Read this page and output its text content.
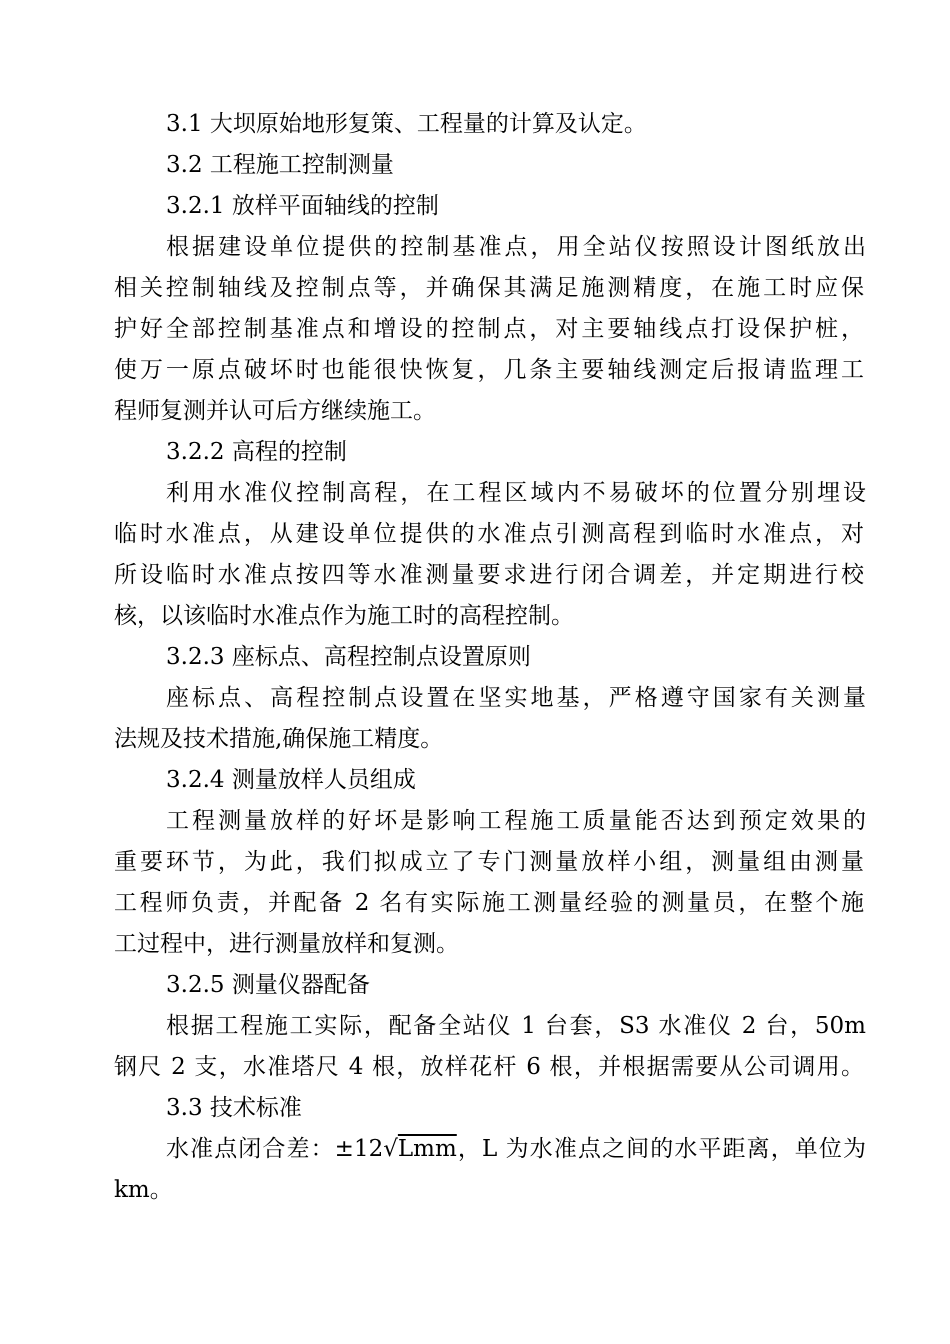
3.1 大坝原始地形复策、工程量的计算及认定。
3.2 工程施工控制测量
3.2.1 放样平面轴线的控制
根据建设单位提供的控制基准点，用全站仪按照设计图纸放出
相关控制轴线及控制点等，并确保其满足施测精度，在施工时应保
护好全部控制基准点和增设的控制点，对主要轴线点打设保护桩，
使万一原点破坏时也能很快恢复，几条主要轴线测定后报请监理工
程师复测并认可后方继续施工。
3.2.2 高程的控制
利用水准仪控制高程，在工程区域内不易破坏的位置分别埋设
临时水准点，从建设单位提供的水准点引测高程到临时水准点，对
所设临时水准点按四等水准测量要求进行闭合调差，并定期进行校
核，以该临时水准点作为施工时的高程控制。
3.2.3 座标点、高程控制点设置原则
座标点、高程控制点设置在坚实地基，严格遵守国家有关测量
法规及技术措施,确保施工精度。
3.2.4 测量放样人员组成
工程测量放样的好坏是影响工程施工质量能否达到预定效果的
重要环节，为此，我们拟成立了专门测量放样小组，测量组由测量
工程师负责，并配备 2 名有实际施工测量经验的测量员，在整个施
工过程中，进行测量放样和复测。
3.2.5 测量仪器配备
根据工程施工实际，配备全站仪 1 台套，S3 水准仪 2 台，50m
钢尺 2 支，水准塔尺 4 根，放样花杆 6 根，并根据需要从公司调用。
3.3 技术标准
水准点闭合差：±12√Lmm，L 为水准点之间的水平距离，单位为
km。
